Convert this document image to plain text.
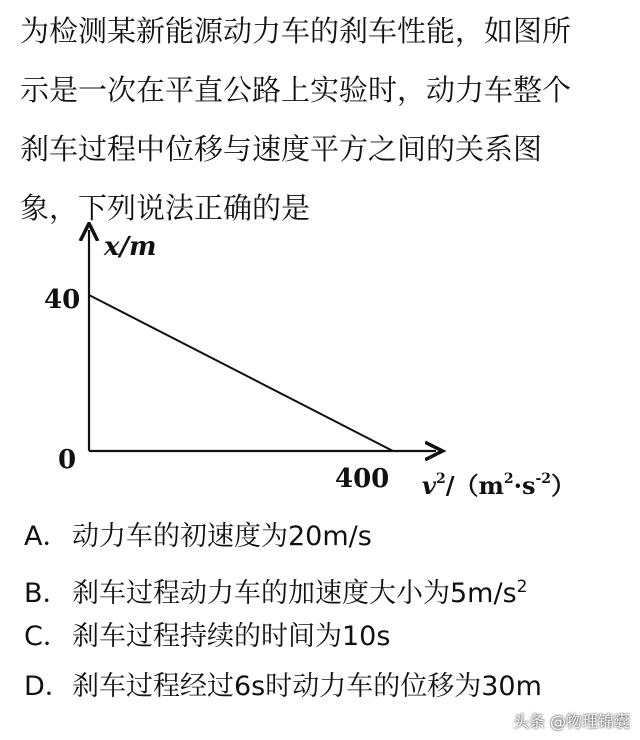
为检测某新能源动力车的刹车性能，如图所
示是一次在平直公路上实验时，动力车整个
刹车过程中位移与速度平方之间的关系图
象，下列说法正确的是
x/m
40
0
400 $v^2/(m^2\cdot s^{-2})$
A．动力车的初速度为20m/s
B．刹车过程动力车的加速度大小为$5m/s^2$
C．刹车过程持续的时间为10s
D．刹车过程经过6s时动力车的位移为30m
头条 @物理锦囊
